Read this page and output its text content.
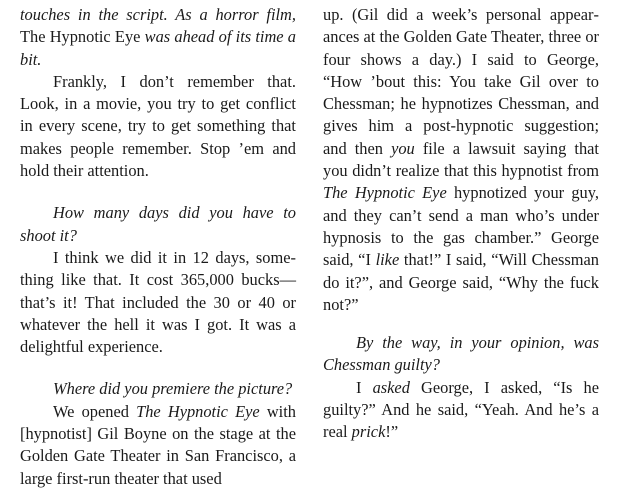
touches in the script. As a horror film, The Hypnotic Eye was ahead of its time a bit.

Frankly, I don’t remember that. Look, in a movie, you try to get conflict in every scene, try to get something that makes people remember. Stop ’em and hold their attention.

How many days did you have to shoot it?

I think we did it in 12 days, something like that. It cost 365,000 bucks—that’s it! That included the 30 or 40 or whatever the hell it was I got. It was a delightful experience.

Where did you premiere the picture?

We opened The Hypnotic Eye with [hypnotist] Gil Boyne on the stage at the Golden Gate Theater in San Francisco, a large first-run theater that used

up. (Gil did a week’s personal appearances at the Golden Gate Theater, three or four shows a day.) I said to George, “How ’bout this: You take Gil over to Chessman; he hypnotizes Chessman, and gives him a post-hypnotic suggestion; and then you file a lawsuit saying that you didn’t realize that this hypnotist from The Hypnotic Eye hypnotized your guy, and they can’t send a man who’s under hypnosis to the gas chamber.” George said, “I like that!” I said, “Will Chessman do it?”, and George said, “Why the fuck not?”

By the way, in your opinion, was Chessman guilty?

I asked George, I asked, “Is he guilty?” And he said, “Yeah. And he’s a real prick!”
